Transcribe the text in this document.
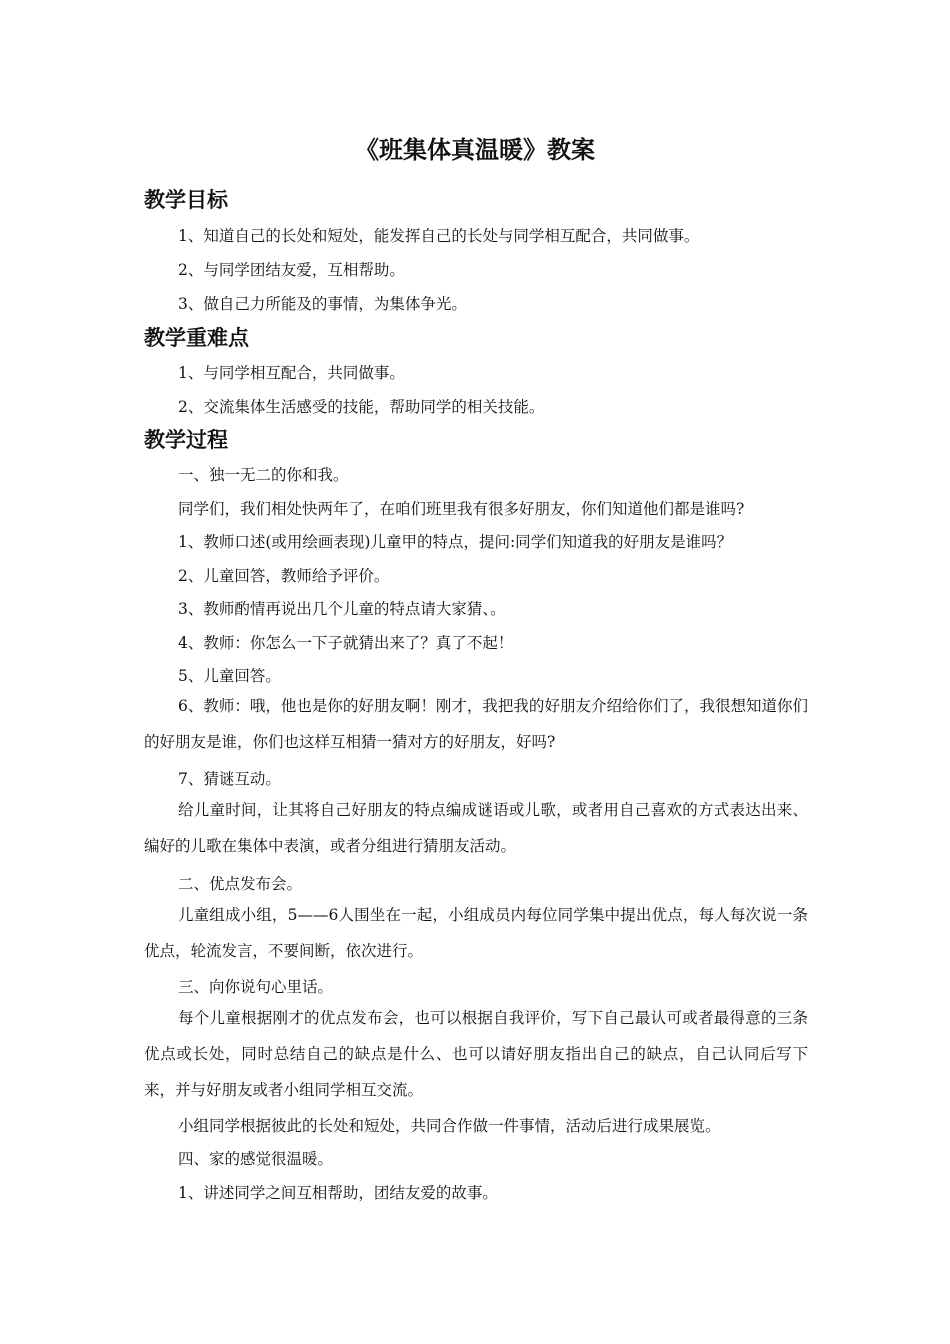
《班集体真温暖》教案
教学目标
1、知道自己的长处和短处，能发挥自己的长处与同学相互配合，共同做事。
2、与同学团结友爱，互相帮助。
3、做自己力所能及的事情，为集体争光。
教学重难点
1、与同学相互配合，共同做事。
2、交流集体生活感受的技能，帮助同学的相关技能。
教学过程
一、独一无二的你和我。
同学们，我们相处快两年了，在咱们班里我有很多好朋友，你们知道他们都是谁吗?
1、教师口述(或用绘画表现)儿童甲的特点，提问:同学们知道我的好朋友是谁吗？
2、儿童回答，教师给予评价。
3、教师酌情再说出几个儿童的特点请大家猜、。
4、教师：你怎么一下子就猜出来了？真了不起！
5、儿童回答。
6、教师：哦，他也是你的好朋友啊！刚才，我把我的好朋友介绍给你们了，我很想知道你们的好朋友是谁，你们也这样互相猜一猜对方的好朋友，好吗?
7、猜谜互动。
给儿童时间，让其将自己好朋友的特点编成谜语或儿歌，或者用自己喜欢的方式表达出来、编好的儿歌在集体中表演，或者分组进行猜朋友活动。
二、优点发布会。
儿童组成小组，5——6人围坐在一起，小组成员内每位同学集中提出优点，每人每次说一条优点，轮流发言，不要间断，依次进行。
三、向你说句心里话。
每个儿童根据刚才的优点发布会，也可以根据自我评价，写下自己最认可或者最得意的三条优点或长处，同时总结自己的缺点是什么、也可以请好朋友指出自己的缺点，自己认同后写下来，并与好朋友或者小组同学相互交流。
小组同学根据彼此的长处和短处，共同合作做一件事情，活动后进行成果展览。
四、家的感觉很温暖。
1、讲述同学之间互相帮助，团结友爱的故事。
